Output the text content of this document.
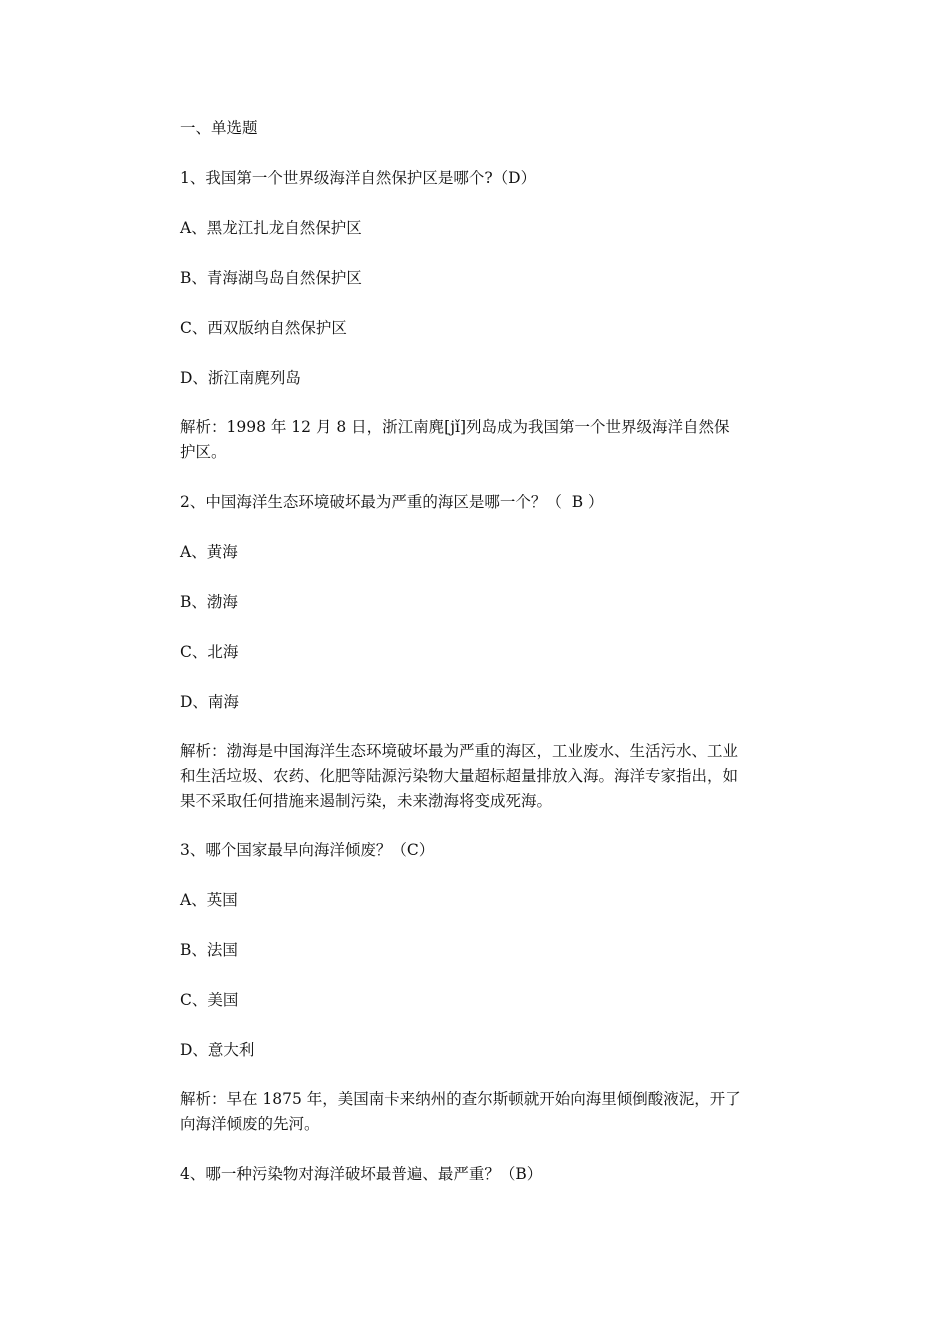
一、单选题
1、我国第一个世界级海洋自然保护区是哪个?（D）
A、黑龙江扎龙自然保护区
B、青海湖鸟岛自然保护区
C、西双版纳自然保护区
D、浙江南麂列岛
解析：1998 年 12 月 8 日，浙江南麂[jǐ]列岛成为我国第一个世界级海洋自然保
护区。
2、中国海洋生态环境破坏最为严重的海区是哪一个？（  B ）
A、黄海
B、渤海
C、北海
D、南海
解析：渤海是中国海洋生态环境破坏最为严重的海区，工业废水、生活污水、工业
和生活垃圾、农药、化肥等陆源污染物大量超标超量排放入海。海洋专家指出，如
果不采取任何措施来遏制污染，未来渤海将变成死海。
3、哪个国家最早向海洋倾废？（C）
A、英国
B、法国
C、美国
D、意大利
解析：早在 1875 年，美国南卡来纳州的查尔斯顿就开始向海里倾倒酸液泥，开了
向海洋倾废的先河。
4、哪一种污染物对海洋破坏最普遍、最严重？（B）
